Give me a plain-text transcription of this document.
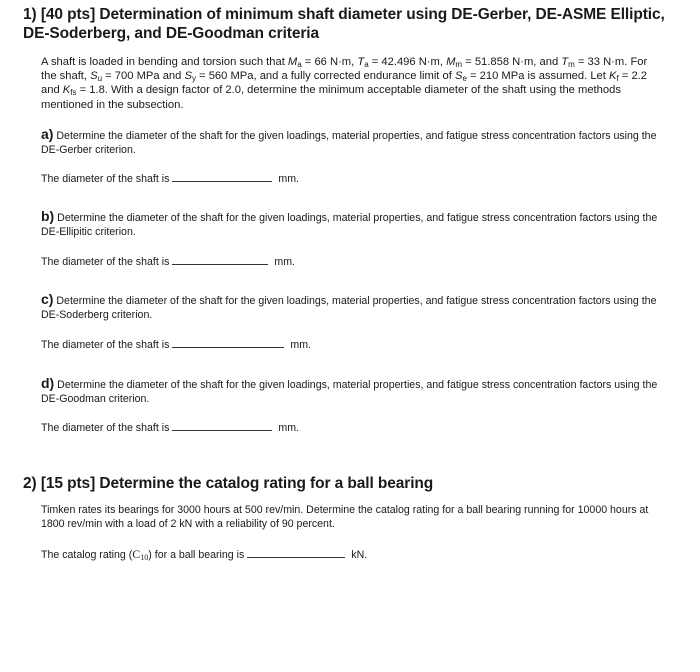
1) [40 pts] Determination of minimum shaft diameter using DE-Gerber, DE-ASME Elliptic, DE-Soderberg, and DE-Goodman criteria
A shaft is loaded in bending and torsion such that $M_a = 66$ N·m, $T_a = 42.496$ N·m, $M_m = 51.858$ N·m, and $T_m = 33$ N·m. For the shaft, $S_u = 700$ MPa and $S_y = 560$ MPa, and a fully corrected endurance limit of $S_e = 210$ MPa is assumed. Let $K_f = 2.2$ and $K_{fs} = 1.8$. With a design factor of 2.0, determine the minimum acceptable diameter of the shaft using the methods mentioned in the subsection.
a) Determine the diameter of the shaft for the given loadings, material properties, and fatigue stress concentration factors using the DE-Gerber criterion.
The diameter of the shaft is	mm.
b) Determine the diameter of the shaft for the given loadings, material properties, and fatigue stress concentration factors using the DE-Ellipitic criterion.
The diameter of the shaft is	mm.
c) Determine the diameter of the shaft for the given loadings, material properties, and fatigue stress concentration factors using the DE-Soderberg criterion.
The diameter of the shaft is	mm.
d) Determine the diameter of the shaft for the given loadings, material properties, and fatigue stress concentration factors using the DE-Goodman criterion.
The diameter of the shaft is	mm.
2) [15 pts] Determine the catalog rating for a ball bearing
Timken rates its bearings for 3000 hours at 500 rev/min. Determine the catalog rating for a ball bearing running for 10000 hours at 1800 rev/min with a load of 2 kN with a reliability of 90 percent.
The catalog rating $(C_{10})$ for a ball bearing is	kN.
